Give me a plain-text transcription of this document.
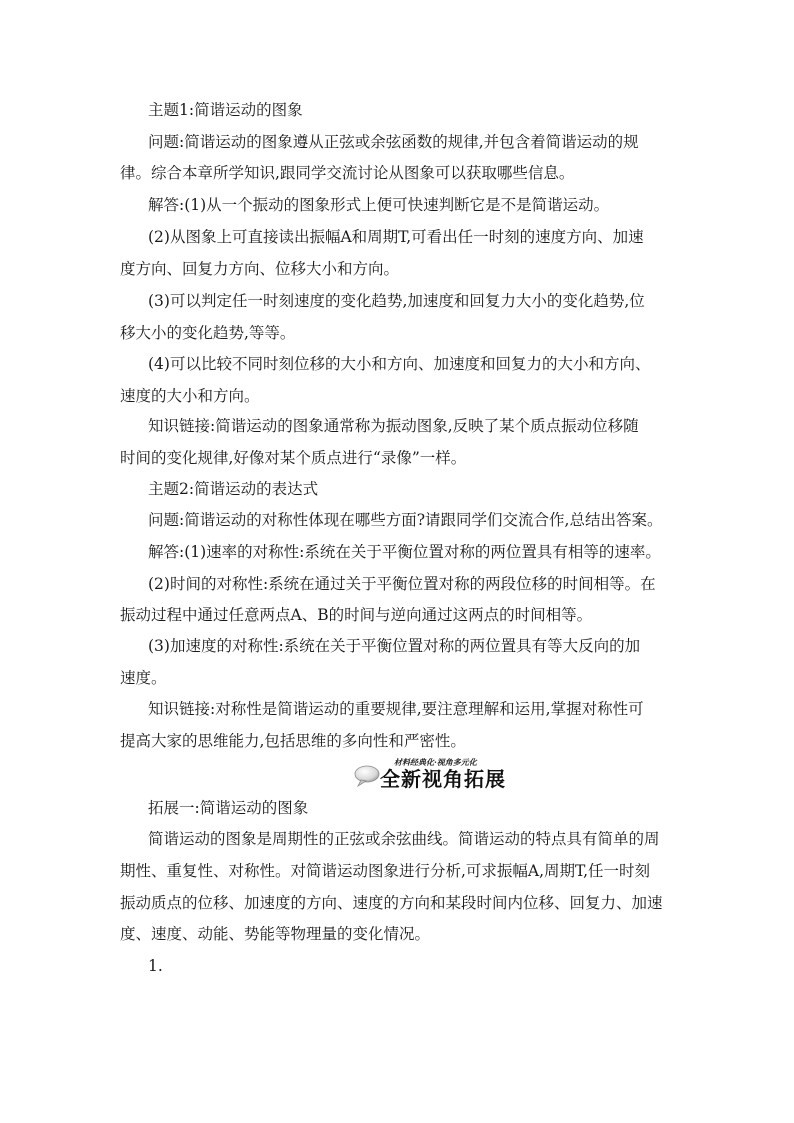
主题1:简谐运动的图象
问题:简谐运动的图象遵从正弦或余弦函数的规律,并包含着简谐运动的规
律。综合本章所学知识,跟同学交流讨论从图象可以获取哪些信息。
解答:(1)从一个振动的图象形式上便可快速判断它是不是简谐运动。
(2)从图象上可直接读出振幅A和周期T,可看出任一时刻的速度方向、加速
度方向、回复力方向、位移大小和方向。
(3)可以判定任一时刻速度的变化趋势,加速度和回复力大小的变化趋势,位
移大小的变化趋势,等等。
(4)可以比较不同时刻位移的大小和方向、加速度和回复力的大小和方向、
速度的大小和方向。
知识链接:简谐运动的图象通常称为振动图象,反映了某个质点振动位移随
时间的变化规律,好像对某个质点进行“录像”一样。
主题2:简谐运动的表达式
问题:简谐运动的对称性体现在哪些方面?请跟同学们交流合作,总结出答案。
解答:(1)速率的对称性:系统在关于平衡位置对称的两位置具有相等的速率。
(2)时间的对称性:系统在通过关于平衡位置对称的两段位移的时间相等。在
振动过程中通过任意两点A、B的时间与逆向通过这两点的时间相等。
(3)加速度的对称性:系统在关于平衡位置对称的两位置具有等大反向的加
速度。
知识链接:对称性是简谐运动的重要规律,要注意理解和运用,掌握对称性可
提高大家的思维能力,包括思维的多向性和严密性。
材料经典化·视角多元化
全新视角拓展
拓展一:简谐运动的图象
简谐运动的图象是周期性的正弦或余弦曲线。简谐运动的特点具有简单的周
期性、重复性、对称性。对简谐运动图象进行分析,可求振幅A,周期T,任一时刻
振动质点的位移、加速度的方向、速度的方向和某段时间内位移、回复力、加速
度、速度、动能、势能等物理量的变化情况。
1.
